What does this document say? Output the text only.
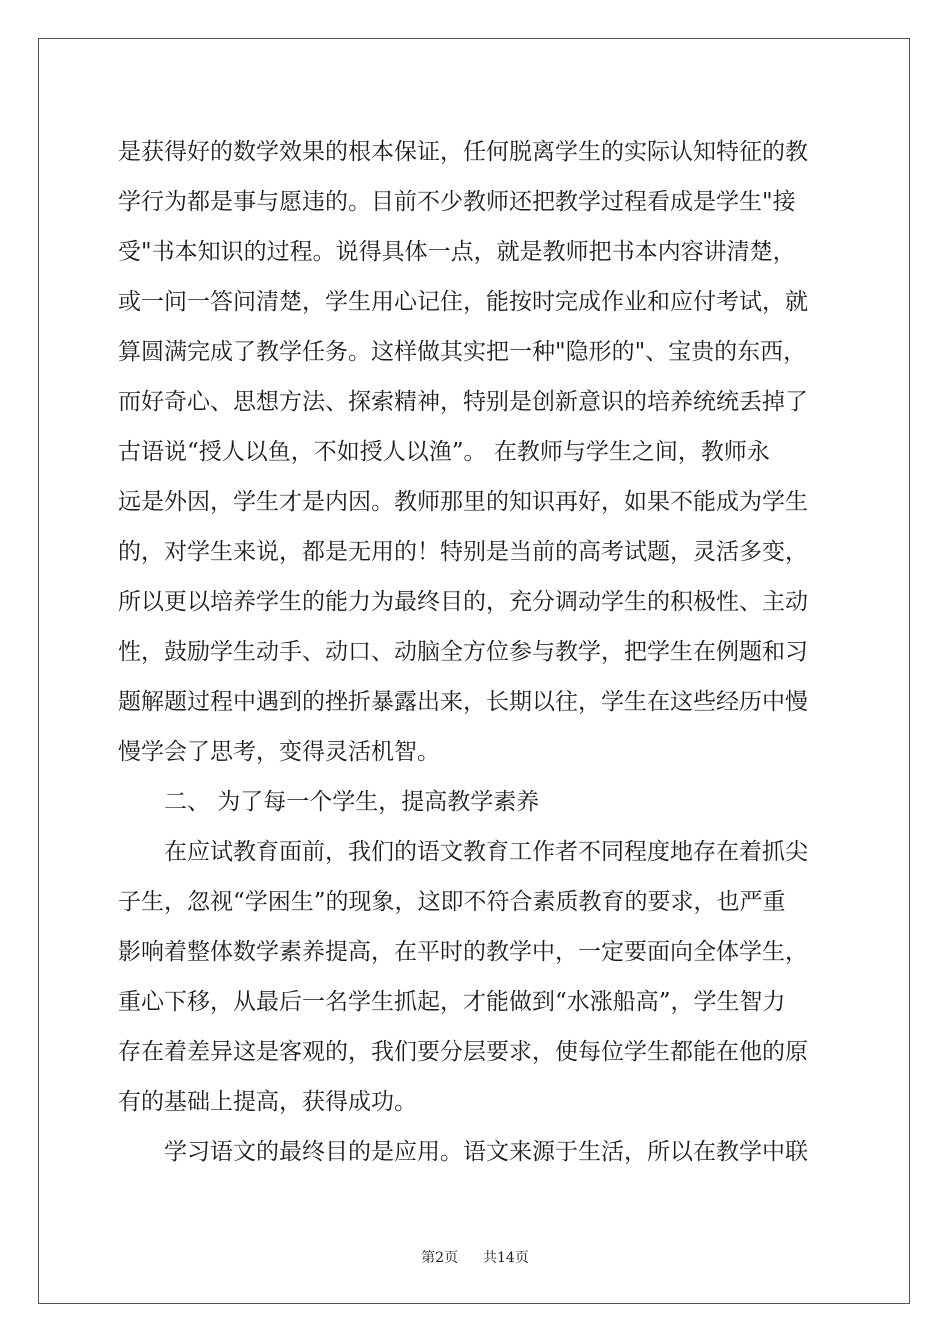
是获得好的数学效果的根本保证，任何脱离学生的实际认知特征的教
学行为都是事与愿违的。目前不少教师还把教学过程看成是学生"接
受"书本知识的过程。说得具体一点，就是教师把书本内容讲清楚，
或一问一答问清楚，学生用心记住，能按时完成作业和应付考试，就
算圆满完成了教学任务。这样做其实把一种"隐形的"、宝贵的东西，
而好奇心、思想方法、探索精神，特别是创新意识的培养统统丢掉了
古语说“授人以鱼，不如授人以渔”。 在教师与学生之间，教师永
远是外因，学生才是内因。教师那里的知识再好，如果不能成为学生
的，对学生来说，都是无用的！特别是当前的高考试题，灵活多变，
所以更以培养学生的能力为最终目的，充分调动学生的积极性、主动
性，鼓励学生动手、动口、动脑全方位参与教学，把学生在例题和习
题解题过程中遇到的挫折暴露出来，长期以往，学生在这些经历中慢
慢学会了思考，变得灵活机智。
二、 为了每一个学生，提高教学素养
在应试教育面前，我们的语文教育工作者不同程度地存在着抓尖
子生，忽视“学困生”的现象，这即不符合素质教育的要求，也严重
影响着整体数学素养提高，在平时的教学中，一定要面向全体学生，
重心下移，从最后一名学生抓起，才能做到“水涨船高”，学生智力
存在着差异这是客观的，我们要分层要求，使每位学生都能在他的原
有的基础上提高，获得成功。
学习语文的最终目的是应用。语文来源于生活，所以在教学中联
第2页 共14页
